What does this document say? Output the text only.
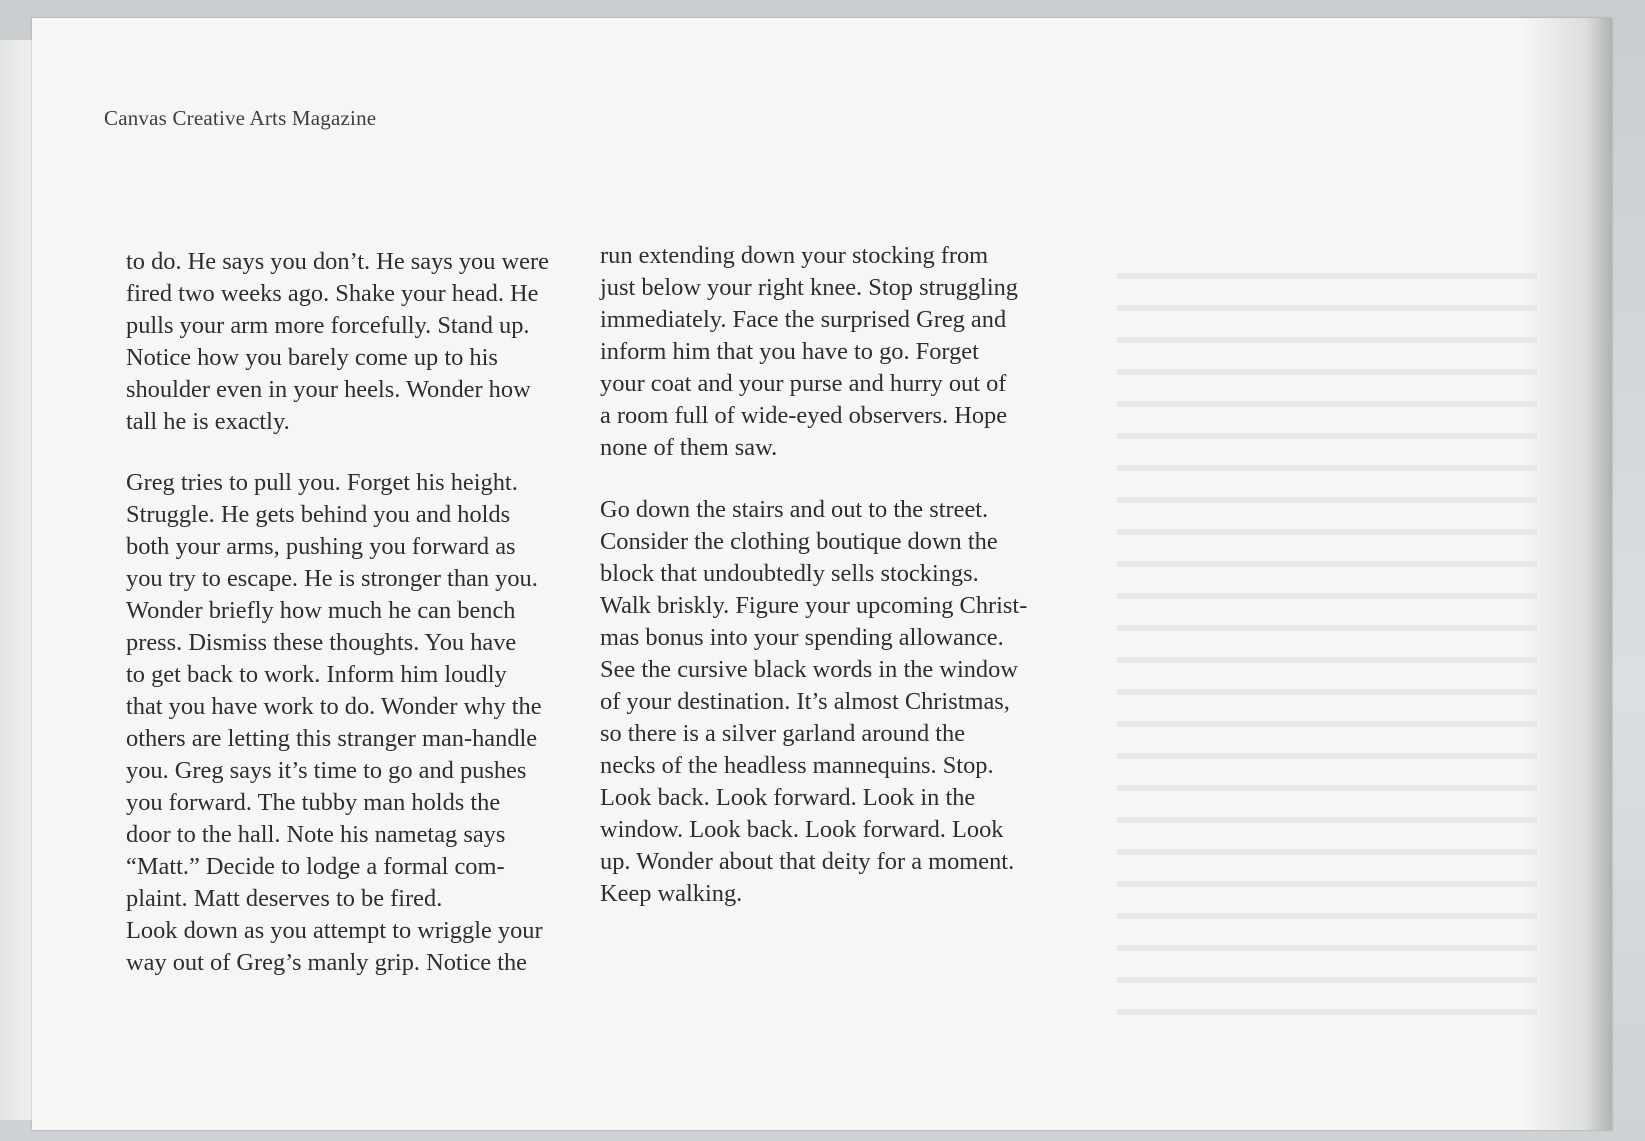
Canvas Creative Arts Magazine
to do. He says you don’t. He says you were
fired two weeks ago. Shake your head. He
pulls your arm more forcefully. Stand up.
Notice how you barely come up to his
shoulder even in your heels. Wonder how
tall he is exactly.
Greg tries to pull you. Forget his height.
Struggle. He gets behind you and holds
both your arms, pushing you forward as
you try to escape. He is stronger than you.
Wonder briefly how much he can bench
press. Dismiss these thoughts. You have
to get back to work. Inform him loudly
that you have work to do. Wonder why the
others are letting this stranger man-handle
you. Greg says it’s time to go and pushes
you forward. The tubby man holds the
door to the hall. Note his nametag says
“Matt.” Decide to lodge a formal com-
plaint. Matt deserves to be fired.
Look down as you attempt to wriggle your
way out of Greg’s manly grip. Notice the
run extending down your stocking from
just below your right knee. Stop struggling
immediately. Face the surprised Greg and
inform him that you have to go. Forget
your coat and your purse and hurry out of
a room full of wide-eyed observers. Hope
none of them saw.
Go down the stairs and out to the street.
Consider the clothing boutique down the
block that undoubtedly sells stockings.
Walk briskly. Figure your upcoming Christ-
mas bonus into your spending allowance.
See the cursive black words in the window
of your destination. It’s almost Christmas,
so there is a silver garland around the
necks of the headless mannequins. Stop.
Look back. Look forward. Look in the
window. Look back. Look forward. Look
up. Wonder about that deity for a moment.
Keep walking.
